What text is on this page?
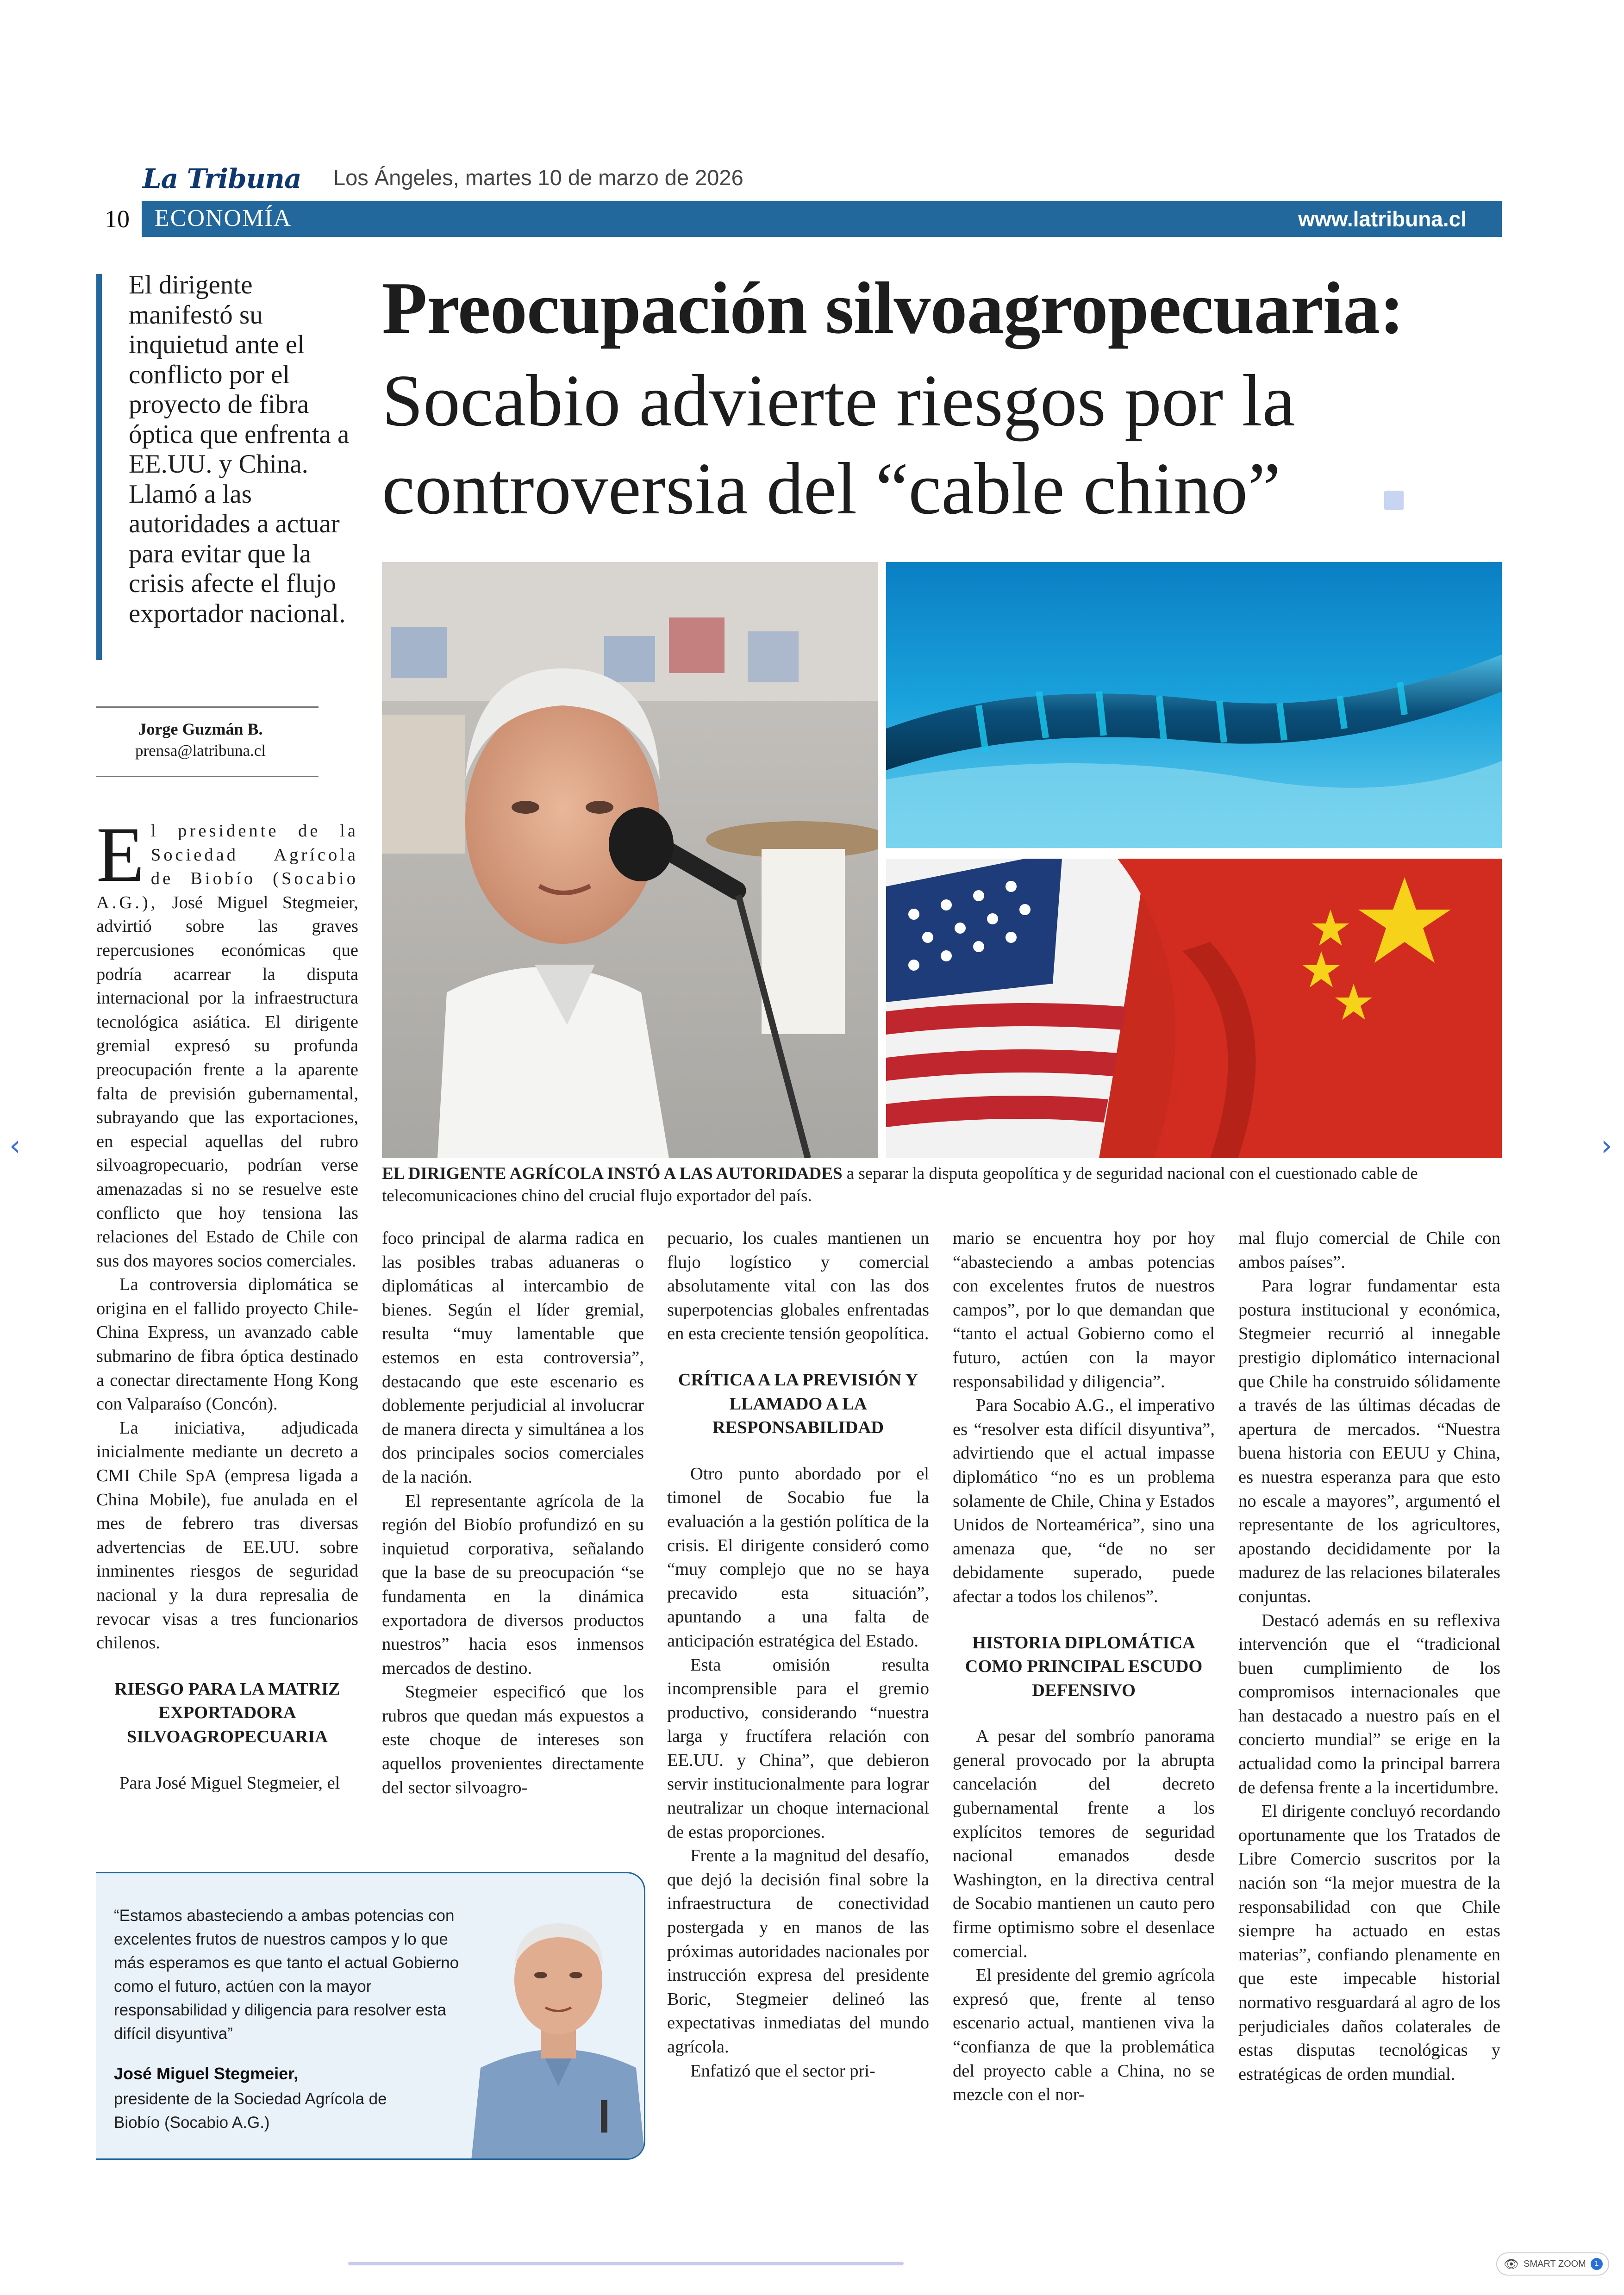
La Tribuna Los Ángeles, martes 10 de marzo de 2026
10	ECONOMÍA	www.latribuna.cl
El dirigente manifestó su inquietud ante el conflicto por el proyecto de fibra óptica que enfrenta a EE.UU. y China. Llamó a las autoridades a actuar para evitar que la crisis afecte el flujo exportador nacional.
Preocupación silvoagropecuaria:
Socabio advierte riesgos por la controversia del “cable chino”
Jorge Guzmán B.
prensa@latribuna.cl
EL DIRIGENTE AGRÍCOLA INSTÓ A LAS AUTORIDADES a separar la disputa geopolítica y de seguridad nacional con el cuestionado cable de telecomunicaciones chino del crucial flujo exportador del país.

El presidente de la Sociedad Agrícola de Biobío (Socabio A.G.), José Miguel Stegmeier, advirtió sobre las graves repercusiones económicas que podría acarrear la disputa internacional por la infraestructura tecnológica asiática. El dirigente gremial expresó su profunda preocupación frente a la aparente falta de previsión gubernamental, subrayando que las exportaciones, en especial aquellas del rubro silvoagropecuario, podrían verse amenazadas si no se resuelve este conflicto que hoy tensiona las relaciones del Estado de Chile con sus dos mayores socios comerciales.

La controversia diplomática se origina en el fallido proyecto Chile-China Express, un avanzado cable submarino de fibra óptica destinado a conectar directamente Hong Kong con Valparaíso (Concón).

La iniciativa, adjudicada inicialmente mediante un decreto a CMI Chile SpA (empresa ligada a China Mobile), fue anulada en el mes de febrero tras diversas advertencias de EE.UU. sobre inminentes riesgos de seguridad nacional y la dura represalia de revocar visas a tres funcionarios chilenos.

RIESGO PARA LA MATRIZ EXPORTADORA SILVOAGROPECUARIA

Para José Miguel Stegmeier, el

foco principal de alarma radica en las posibles trabas aduaneras o diplomáticas al intercambio de bienes. Según el líder gremial, resulta “muy lamentable que estemos en esta controversia”, destacando que este escenario es doblemente perjudicial al involucrar de manera directa y simultánea a los dos principales socios comerciales de la nación.

El representante agrícola de la región del Biobío profundizó en su inquietud corporativa, señalando que la base de su preocupación “se fundamenta en la dinámica exportadora de diversos productos nuestros” hacia esos inmensos mercados de destino.

Stegmeier especificó que los rubros que quedan más expuestos a este choque de intereses son aquellos provenientes directamente del sector silvoagro-

pecuario, los cuales mantienen un flujo logístico y comercial absolutamente vital con las dos superpotencias globales enfrentadas en esta creciente tensión geopolítica.

CRÍTICA A LA PREVISIÓN Y LLAMADO A LA RESPONSABILIDAD

Otro punto abordado por el timonel de Socabio fue la evaluación a la gestión política de la crisis. El dirigente consideró como “muy complejo que no se haya precavido esta situación”, apuntando a una falta de anticipación estratégica del Estado.

Esta omisión resulta incomprensible para el gremio productivo, considerando “nuestra larga y fructífera relación con EE.UU. y China”, que debieron servir institucionalmente para lograr neutralizar un choque internacional de estas proporciones.

Frente a la magnitud del desafío, que dejó la decisión final sobre la infraestructura de conectividad postergada y en manos de las próximas autoridades nacionales por instrucción expresa del presidente Boric, Stegmeier delineó las expectativas inmediatas del mundo agrícola.

Enfatizó que el sector pri-

mario se encuentra hoy por hoy “abasteciendo a ambas potencias con excelentes frutos de nuestros campos”, por lo que demandan que “tanto el actual Gobierno como el futuro, actúen con la mayor responsabilidad y diligencia”.

Para Socabio A.G., el imperativo es “resolver esta difícil disyuntiva”, advirtiendo que el actual impasse diplomático “no es un problema solamente de Chile, China y Estados Unidos de Norteamérica”, sino una amenaza que, “de no ser debidamente superado, puede afectar a todos los chilenos”.

HISTORIA DIPLOMÁTICA COMO PRINCIPAL ESCUDO DEFENSIVO

A pesar del sombrío panorama general provocado por la abrupta cancelación del decreto gubernamental frente a los explícitos temores de seguridad nacional emanados desde Washington, en la directiva central de Socabio mantienen un cauto pero firme optimismo sobre el desenlace comercial.

El presidente del gremio agrícola expresó que, frente al tenso escenario actual, mantienen viva la “confianza de que la problemática del proyecto cable a China, no se mezcle con el nor-

mal flujo comercial de Chile con ambos países”.

Para lograr fundamentar esta postura institucional y económica, Stegmeier recurrió al innegable prestigio diplomático internacional que Chile ha construido sólidamente a través de las últimas décadas de apertura de mercados. “Nuestra buena historia con EEUU y China, es nuestra esperanza para que esto no escale a mayores”, argumentó el representante de los agricultores, apostando decididamente por la madurez de las relaciones bilaterales conjuntas.

Destacó además en su reflexiva intervención que el “tradicional buen cumplimiento de los compromisos internacionales que han destacado a nuestro país en el concierto mundial” se erige en la actualidad como la principal barrera de defensa frente a la incertidumbre.

El dirigente concluyó recordando oportunamente que los Tratados de Libre Comercio suscritos por la nación son “la mejor muestra de la responsabilidad con que Chile siempre ha actuado en estas materias”, confiando plenamente en que este impecable historial normativo resguardará al agro de los perjudiciales daños colaterales de estas disputas tecnológicas y estratégicas de orden mundial.

“Estamos abasteciendo a ambas potencias con excelentes frutos de nuestros campos y lo que más esperamos es que tanto el actual Gobierno como el futuro, actúen con la mayor responsabilidad y diligencia para resolver esta difícil disyuntiva”
José Miguel Stegmeier,
presidente de la Sociedad Agrícola de Biobío (Socabio A.G.)
‹	›
👁 SMART ZOOM	1
